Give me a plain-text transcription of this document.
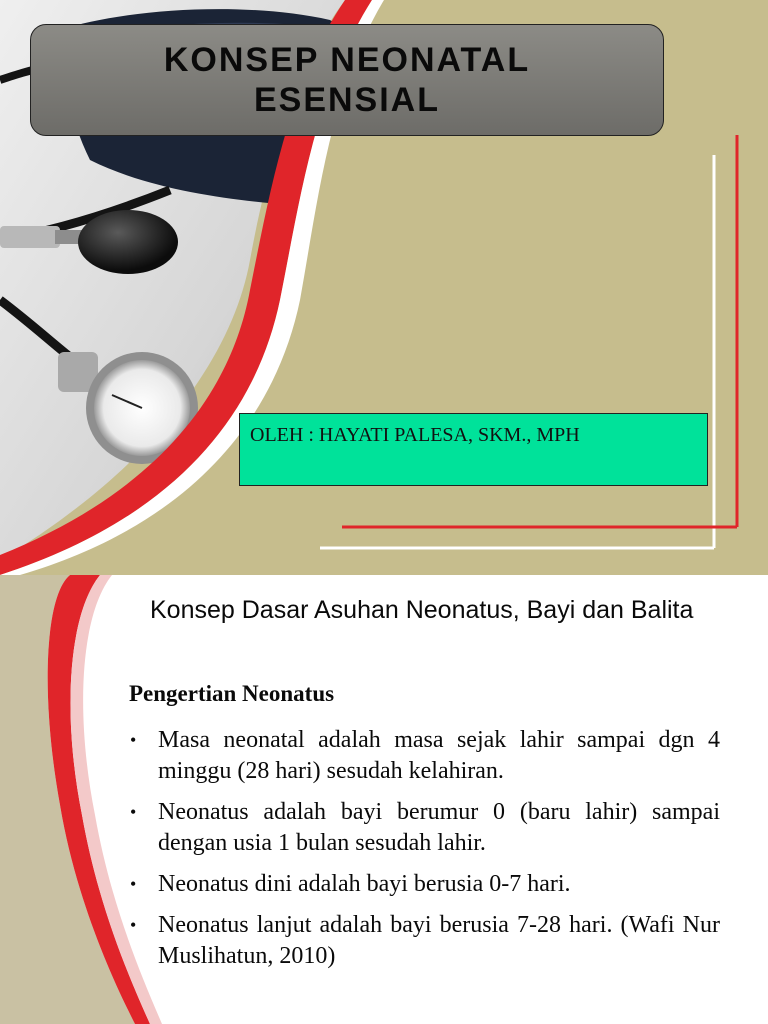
KONSEP NEONATAL ESENSIAL
OLEH : HAYATI PALESA, SKM., MPH
Konsep Dasar Asuhan Neonatus, Bayi dan Balita

Pengertian Neonatus

• Masa neonatal adalah masa sejak lahir sampai dgn 4 minggu (28 hari) sesudah kelahiran.
• Neonatus adalah bayi berumur 0 (baru lahir) sampai dengan usia 1 bulan sesudah lahir.
• Neonatus dini adalah bayi berusia 0-7 hari.
• Neonatus lanjut adalah bayi berusia 7-28 hari. (Wafi Nur Muslihatun, 2010)
